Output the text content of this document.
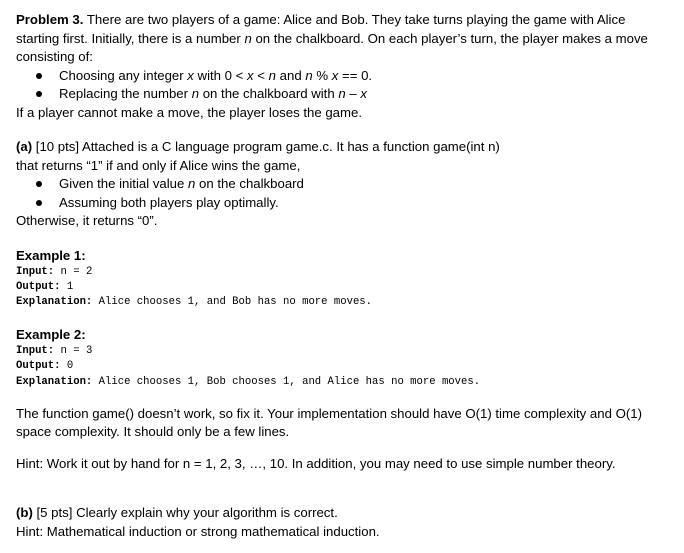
Problem 3. There are two players of a game: Alice and Bob. They take turns playing the game with Alice
starting first. Initially, there is a number n on the chalkboard. On each player’s turn, the player makes a move
consisting of:
Choosing any integer x with 0 < x < n and n % x == 0.
Replacing the number n on the chalkboard with n – x
If a player cannot make a move, the player loses the game.
(a) [10 pts] Attached is a C language program game.c. It has a function game(int n)
that returns “1” if and only if Alice wins the game,
Given the initial value n on the chalkboard
Assuming both players play optimally.
Otherwise, it returns “0”.
Example 1:
Input: n = 2
Output: 1
Explanation: Alice chooses 1, and Bob has no more moves.
Example 2:
Input: n = 3
Output: 0
Explanation: Alice chooses 1, Bob chooses 1, and Alice has no more moves.
The function game() doesn’t work, so fix it. Your implementation should have O(1) time complexity and O(1)
space complexity. It should only be a few lines.
Hint: Work it out by hand for n = 1, 2, 3, …, 10. In addition, you may need to use simple number theory.
(b) [5 pts] Clearly explain why your algorithm is correct.
Hint: Mathematical induction or strong mathematical induction.
